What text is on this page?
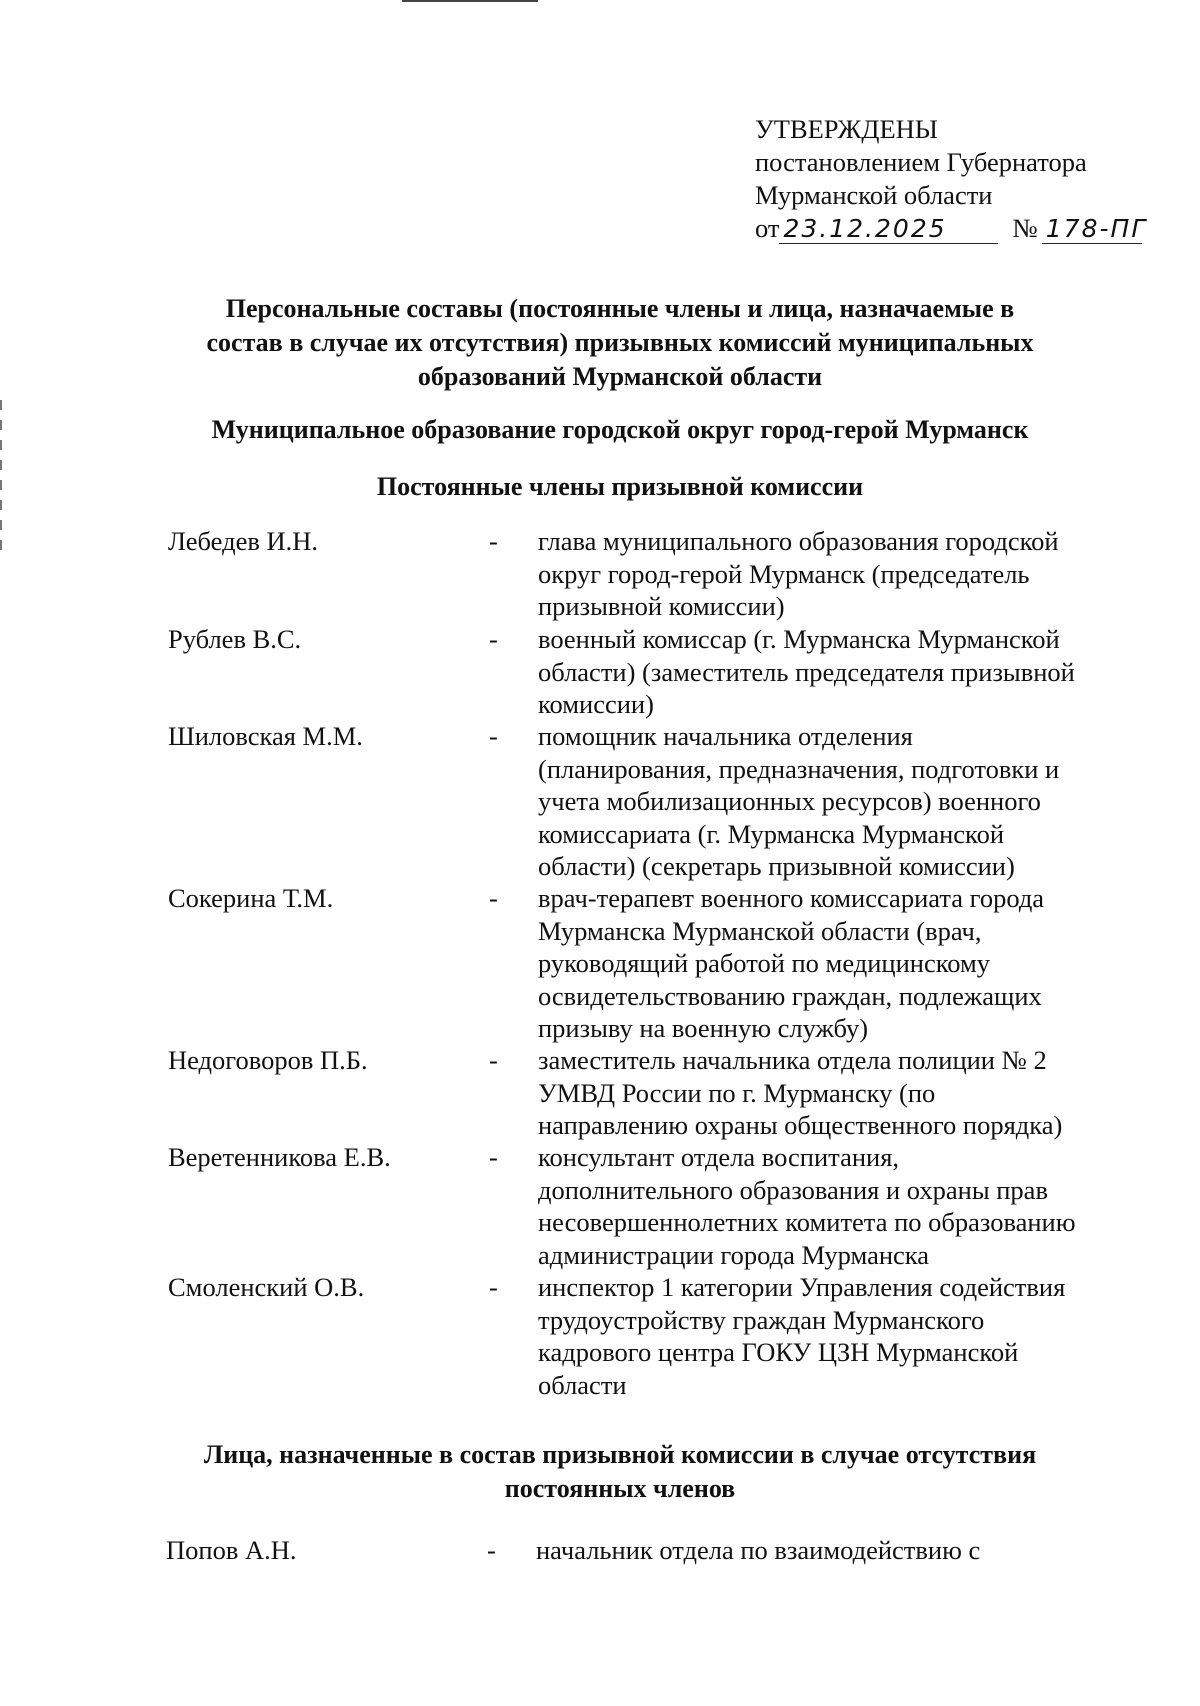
УТВЕРЖДЕНЫ
постановлением Губернатора
Мурманской области
от 23.12.2025	№ 178-ПГ
Персональные составы (постоянные члены и лица, назначаемые в
состав в случае их отсутствия) призывных комиссий муниципальных
образований Мурманской области
Муниципальное образование городской округ город-герой Мурманск
Постоянные члены призывной комиссии
Лебедев И.Н.	- глава муниципального образования городской
округ город-герой Мурманск (председатель
призывной комиссии)
Рублев В.С.	- военный комиссар (г. Мурманска Мурманской
области) (заместитель председателя призывной
комиссии)
Шиловская М.М.	- помощник начальника отделения
(планирования, предназначения, подготовки и
учета мобилизационных ресурсов) военного
комиссариата (г. Мурманска Мурманской
области) (секретарь призывной комиссии)
Сокерина Т.М.	- врач-терапевт военного комиссариата города
Мурманска Мурманской области (врач,
руководящий работой по медицинскому
освидетельствованию граждан, подлежащих
призыву на военную службу)
Недоговоров П.Б.	- заместитель начальника отдела полиции № 2
УМВД России по г. Мурманску (по
направлению охраны общественного порядка)
Веретенникова Е.В.	- консультант отдела воспитания,
дополнительного образования и охраны прав
несовершеннолетних комитета по образованию
администрации города Мурманска
Смоленский О.В.	- инспектор 1 категории Управления содействия
трудоустройству граждан Мурманского
кадрового центра ГОКУ ЦЗН Мурманской
области
Лица, назначенные в состав призывной комиссии в случае отсутствия
постоянных членов
Попов А.Н.	- начальник отдела по взаимодействию с
